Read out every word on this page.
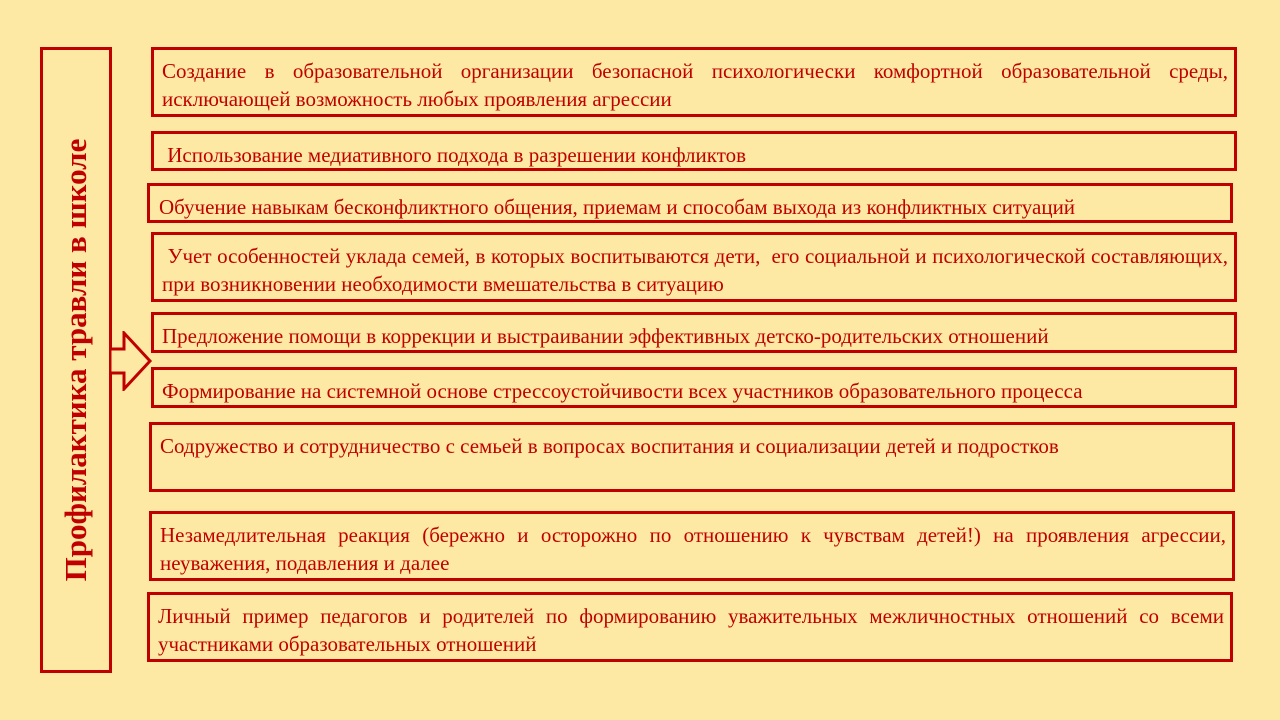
Профилактика травли в школе
Создание в образовательной организации безопасной психологически комфортной образовательной среды, исключающей возможность любых проявления агрессии
Использование медиативного подхода в разрешении конфликтов
Обучение навыкам бесконфликтного общения, приемам и способам выхода из конфликтных ситуаций
Учет особенностей уклада семей, в которых воспитываются дети,  его социальной и психологической составляющих, при возникновении необходимости вмешательства в ситуацию
Предложение помощи в коррекции и выстраивании эффективных детско-родительских отношений
Формирование на системной основе стрессоустойчивости всех участников образовательного процесса
Содружество и сотрудничество с семьей в вопросах воспитания и социализации детей и подростков
Незамедлительная реакция (бережно и осторожно по отношению к чувствам детей!) на проявления агрессии, неуважения, подавления и далее
Личный пример педагогов и родителей по формированию уважительных межличностных отношений со всеми участниками образовательных отношений
